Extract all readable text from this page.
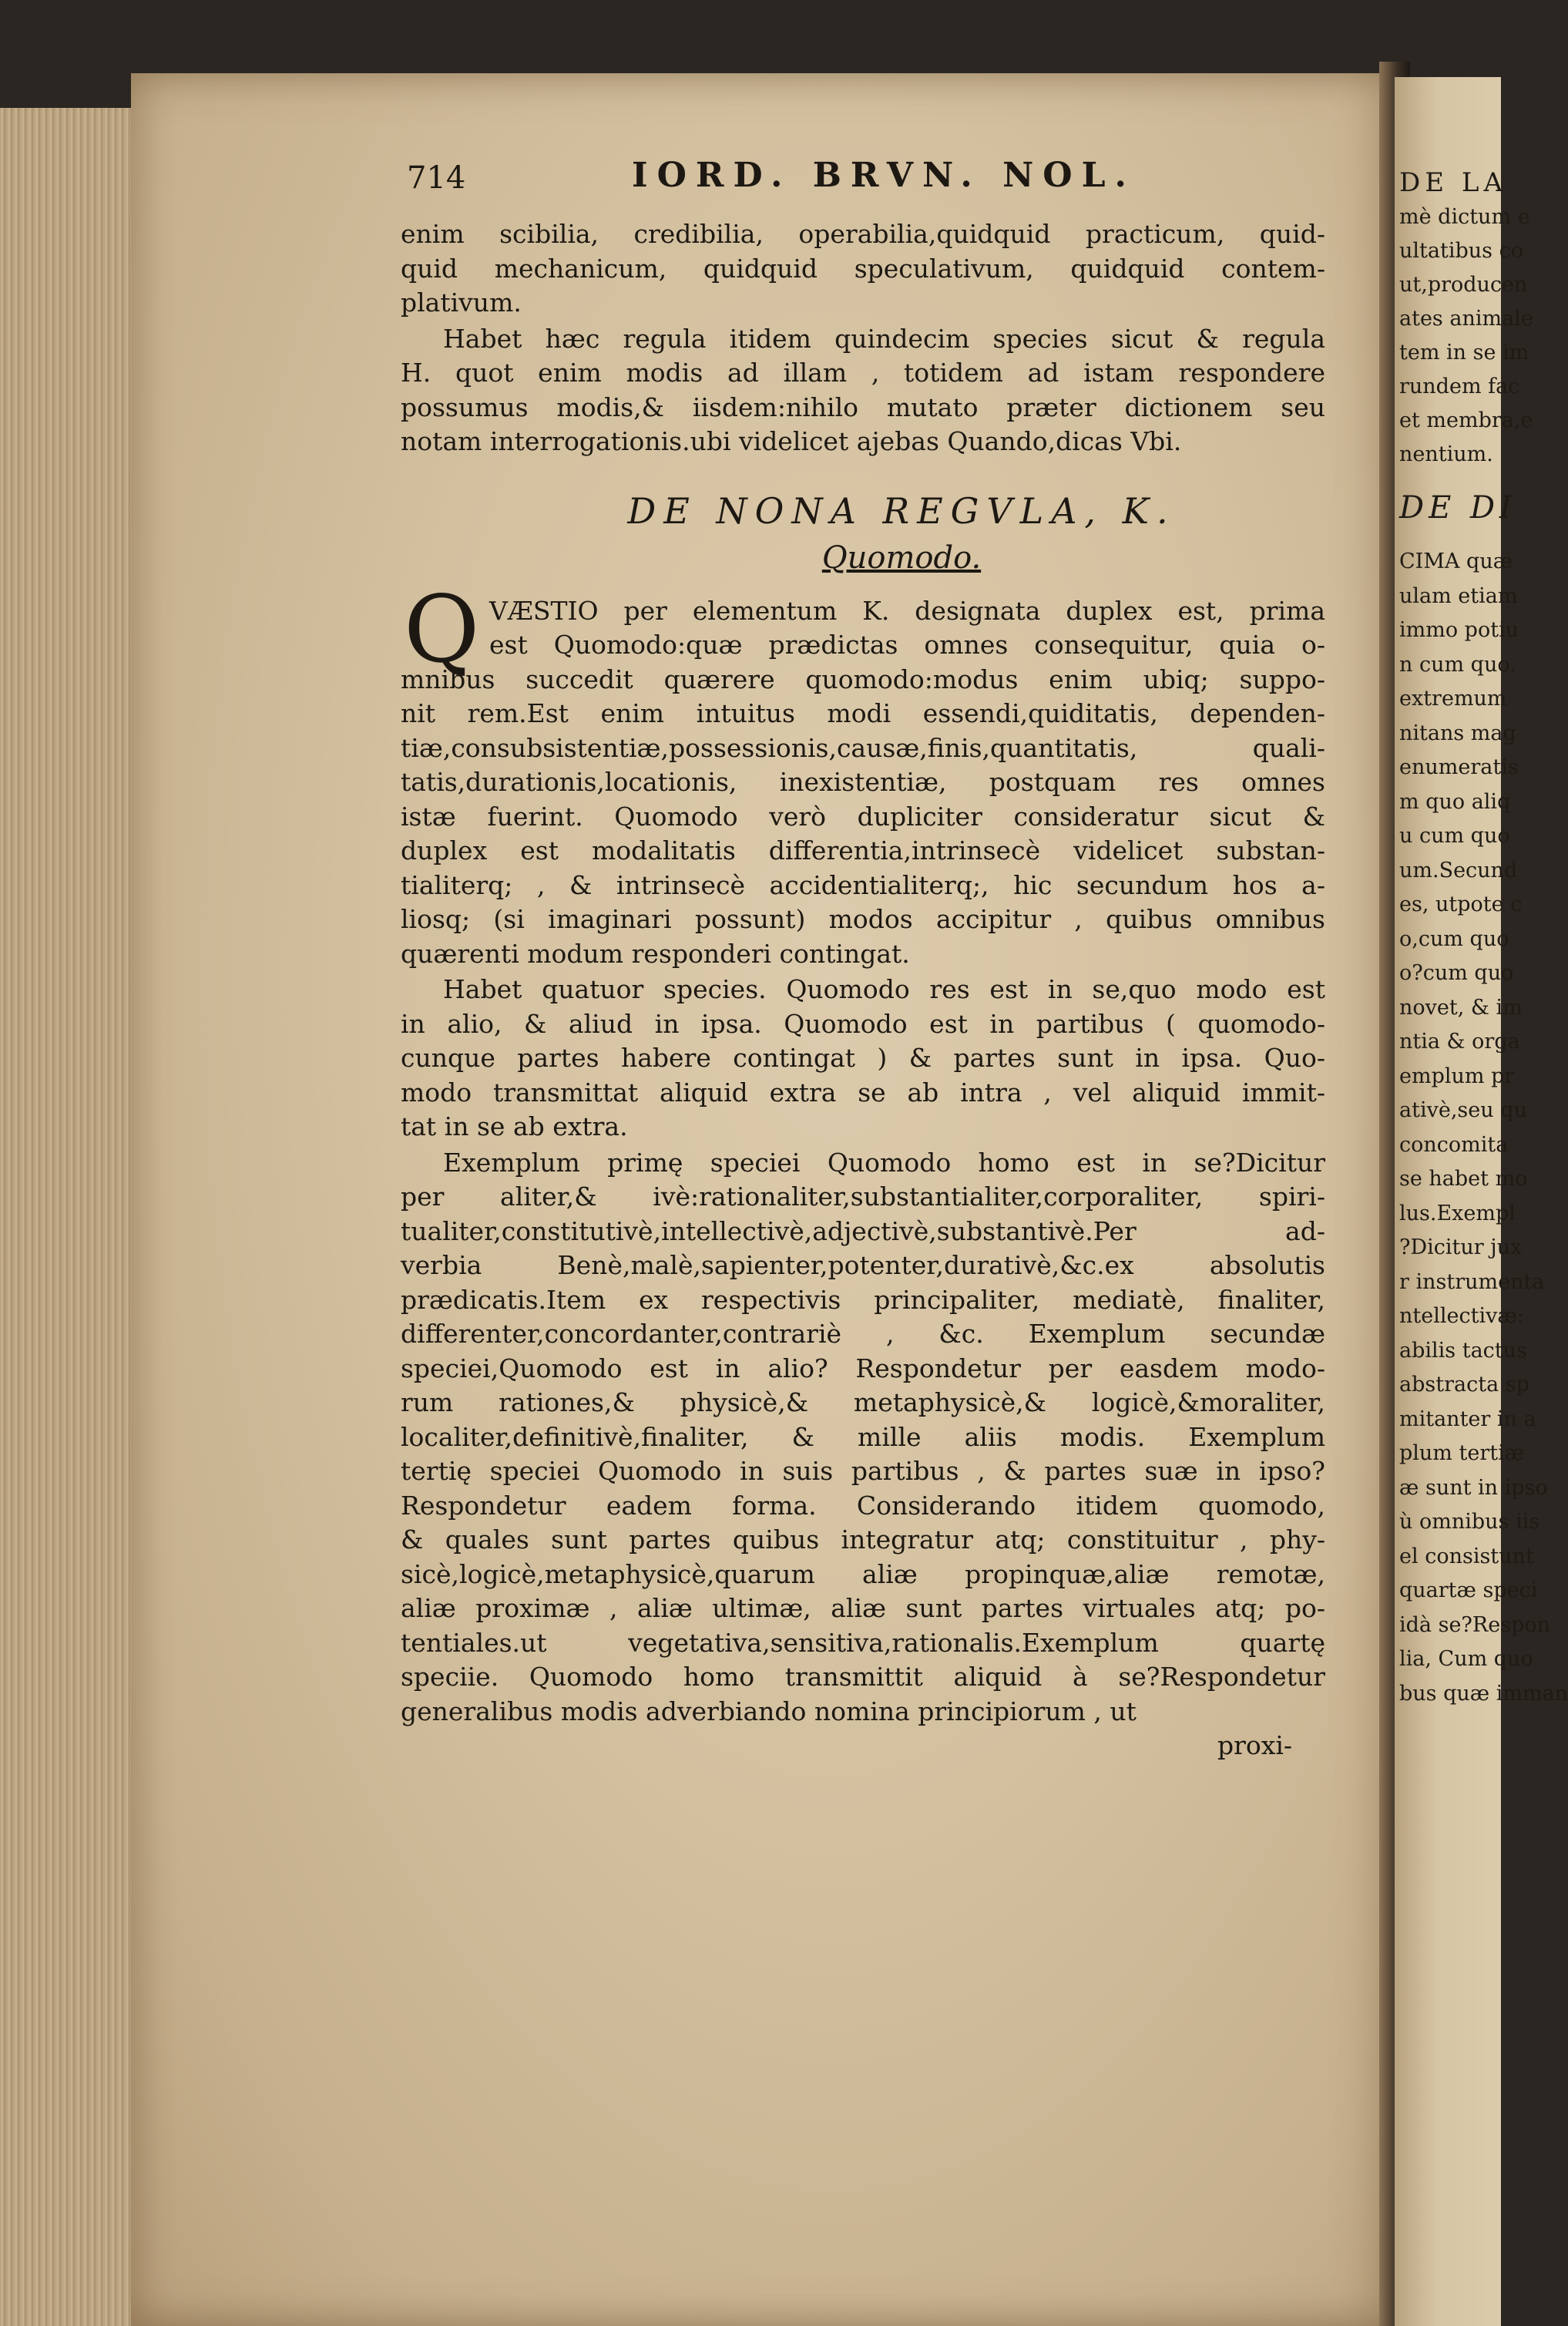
DE LA
mè dictum e
ultatibus co
ut,producen
ates animale
tem in se im
rundem fac
et membra,e
nentium.
DE DI
CIMA quæ
ulam etiam
immo potiu
n cum quo.
extremum
nitans mag
enumeratis
m quo aliq
u cum quo
um.Secund
es, utpote c
o,cum quo
o?cum quo
novet, & im
ntia & orga
emplum pr
ativè,seu qu
concomita
se habet mo
lus.Exempl
?Dicitur jux
r instrumenta
ntellectivæ:
abilis tactus
abstracta sp
mitanter in a
plum tertiæ
æ sunt in ipso
ù omnibus iis
el consistunt
quartæ speci
idà se?Respon
lia, Cum quo
bus quæ imman
714	IORD. BRVN. NOL.
enim scibilia, credibilia, operabilia,quidquid practicum, quid-
quid mechanicum, quidquid speculativum, quidquid contem-
plativum.
Habet hæc regula itidem quindecim species sicut & regula
H. quot enim modis ad illam , totidem ad istam respondere
possumus modis,& iisdem:nihilo mutato præter dictionem seu
notam interrogationis.ubi videlicet ajebas Quando,dicas Vbi.
DE NONA REGVLA, K.
Quomodo.
Q VÆSTIO per elementum K. designata duplex est, prima
est Quomodo:quæ prædictas omnes consequitur, quia o-
mnibus succedit quærere quomodo:modus enim ubiq; suppo-
nit rem.Est enim intuitus modi essendi,quiditatis, dependen-
tiæ,consubsistentiæ,possessionis,causæ,finis,quantitatis, quali-
tatis,durationis,locationis, inexistentiæ, postquam res omnes
istæ fuerint. Quomodo verò dupliciter consideratur sicut &
duplex est modalitatis differentia,intrinsecè videlicet substan-
tialiterq; , & intrinsecè accidentialiterq;, hic secundum hos a-
liosq; (si imaginari possunt) modos accipitur , quibus omnibus
quærenti modum responderi contingat.
Habet quatuor species. Quomodo res est in se,quo modo est
in alio, & aliud in ipsa. Quomodo est in partibus ( quomodo-
cunque partes habere contingat ) & partes sunt in ipsa. Quo-
modo transmittat aliquid extra se ab intra , vel aliquid immit-
tat in se ab extra.
Exemplum primę speciei Quomodo homo est in se?Dicitur
per aliter,& ivè:rationaliter,substantialiter,corporaliter, spiri-
tualiter,constitutivè,intellectivè,adjectivè,substantivè.Per ad-
verbia Benè,malè,sapienter,potenter,durativè,&c.ex absolutis
prædicatis.Item ex respectivis principaliter, mediatè, finaliter,
differenter,concordanter,contrariè , &c. Exemplum secundæ
speciei,Quomodo est in alio? Respondetur per easdem modo-
rum rationes,& physicè,& metaphysicè,& logicè,&moraliter,
localiter,definitivè,finaliter, & mille aliis modis. Exemplum
tertię speciei Quomodo in suis partibus , & partes suæ in ipso?
Respondetur eadem forma. Considerando itidem quomodo,
& quales sunt partes quibus integratur atq; constituitur , phy-
sicè,logicè,metaphysicè,quarum aliæ propinquæ,aliæ remotæ,
aliæ proximæ , aliæ ultimæ, aliæ sunt partes virtuales atq; po-
tentiales.ut vegetativa,sensitiva,rationalis.Exemplum quartę
speciie. Quomodo homo transmittit aliquid à se?Respondetur
generalibus modis adverbiando nomina principiorum , ut
proxi-
